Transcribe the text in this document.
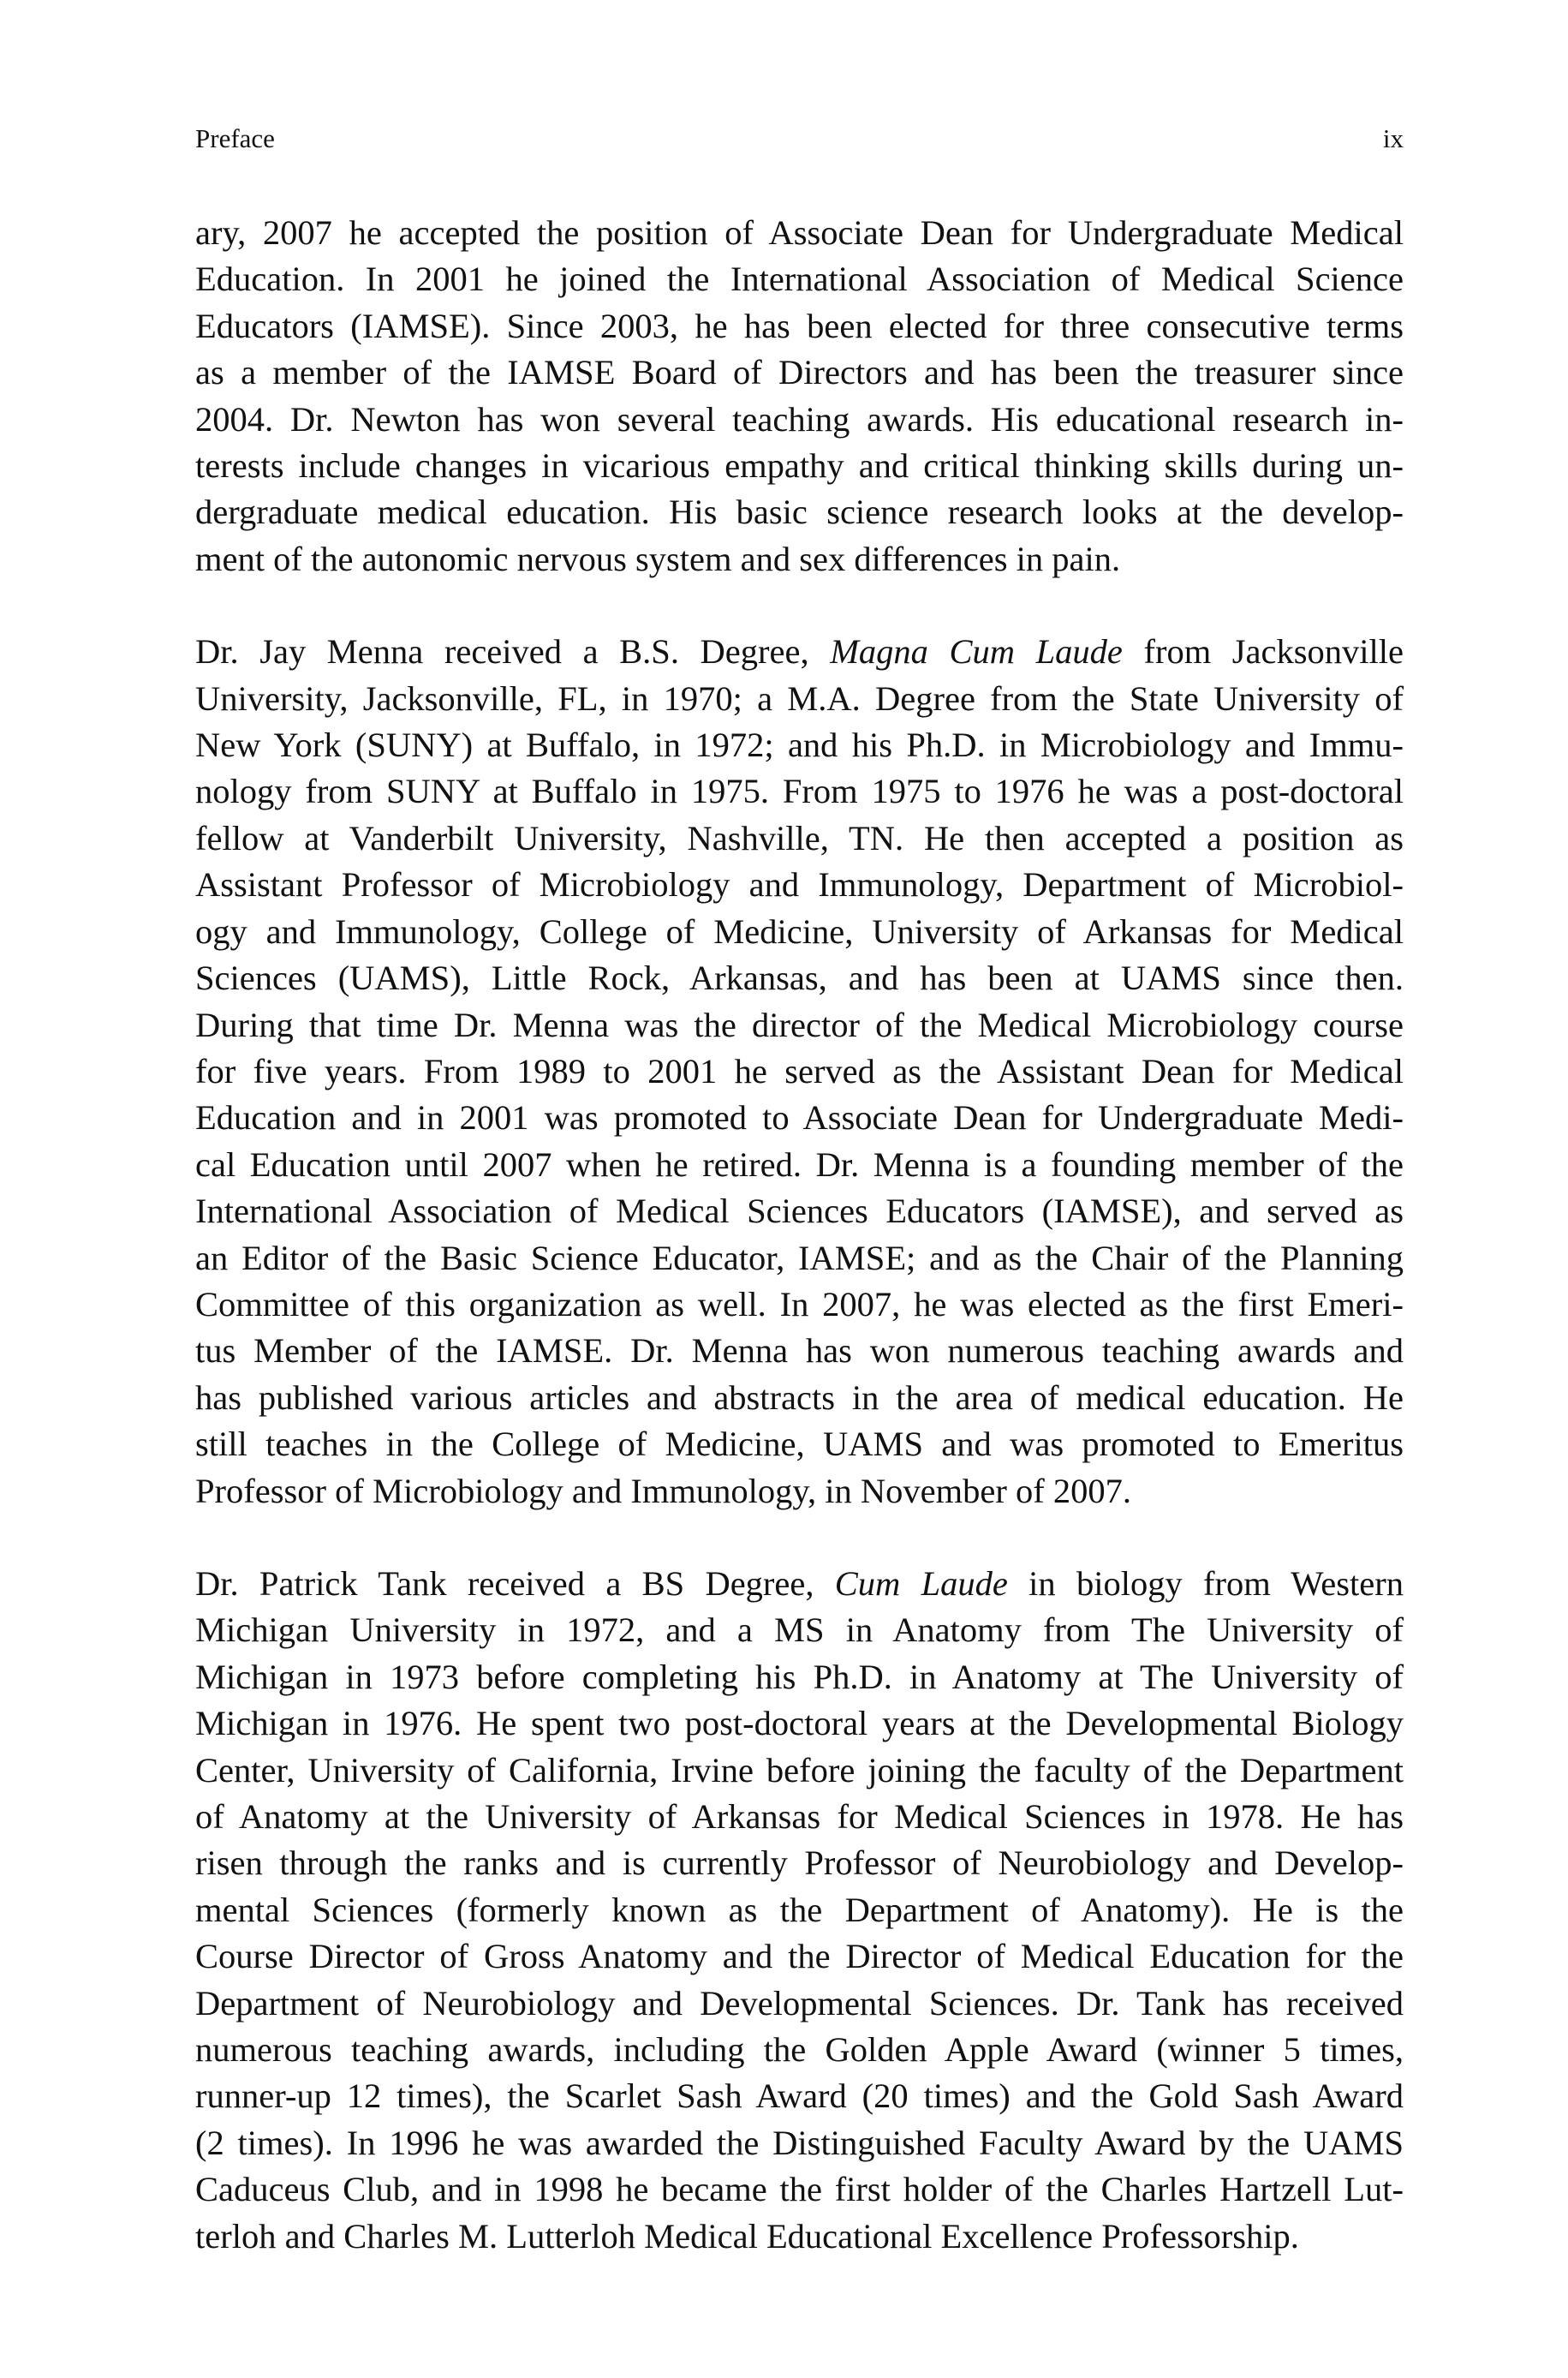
Preface	ix
ary, 2007 he accepted the position of Associate Dean for Undergraduate Medical
Education. In 2001 he joined the International Association of Medical Science
Educators (IAMSE). Since 2003, he has been elected for three consecutive terms
as a member of the IAMSE Board of Directors and has been the treasurer since
2004. Dr. Newton has won several teaching awards. His educational research in-
terests include changes in vicarious empathy and critical thinking skills during un-
dergraduate medical education. His basic science research looks at the develop-
ment of the autonomic nervous system and sex differences in pain.
Dr. Jay Menna received a B.S. Degree, Magna Cum Laude from Jacksonville
University, Jacksonville, FL, in 1970; a M.A. Degree from the State University of
New York (SUNY) at Buffalo, in 1972; and his Ph.D. in Microbiology and Immu-
nology from SUNY at Buffalo in 1975. From 1975 to 1976 he was a post-doctoral
fellow at Vanderbilt University, Nashville, TN. He then accepted a position as
Assistant Professor of Microbiology and Immunology, Department of Microbiol-
ogy and Immunology, College of Medicine, University of Arkansas for Medical
Sciences (UAMS), Little Rock, Arkansas, and has been at UAMS since then.
During that time Dr. Menna was the director of the Medical Microbiology course
for five years. From 1989 to 2001 he served as the Assistant Dean for Medical
Education and in 2001 was promoted to Associate Dean for Undergraduate Medi-
cal Education until 2007 when he retired. Dr. Menna is a founding member of the
International Association of Medical Sciences Educators (IAMSE), and served as
an Editor of the Basic Science Educator, IAMSE; and as the Chair of the Planning
Committee of this organization as well. In 2007, he was elected as the first Emeri-
tus Member of the IAMSE. Dr. Menna has won numerous teaching awards and
has published various articles and abstracts in the area of medical education. He
still teaches in the College of Medicine, UAMS and was promoted to Emeritus
Professor of Microbiology and Immunology, in November of 2007.
Dr. Patrick Tank received a BS Degree, Cum Laude in biology from Western
Michigan University in 1972, and a MS in Anatomy from The University of
Michigan in 1973 before completing his Ph.D. in Anatomy at The University of
Michigan in 1976. He spent two post-doctoral years at the Developmental Biology
Center, University of California, Irvine before joining the faculty of the Department
of Anatomy at the University of Arkansas for Medical Sciences in 1978. He has
risen through the ranks and is currently Professor of Neurobiology and Develop-
mental Sciences (formerly known as the Department of Anatomy). He is the
Course Director of Gross Anatomy and the Director of Medical Education for the
Department of Neurobiology and Developmental Sciences. Dr. Tank has received
numerous teaching awards, including the Golden Apple Award (winner 5 times,
runner-up 12 times), the Scarlet Sash Award (20 times) and the Gold Sash Award
(2 times). In 1996 he was awarded the Distinguished Faculty Award by the UAMS
Caduceus Club, and in 1998 he became the first holder of the Charles Hartzell Lut-
terloh and Charles M. Lutterloh Medical Educational Excellence Professorship.
